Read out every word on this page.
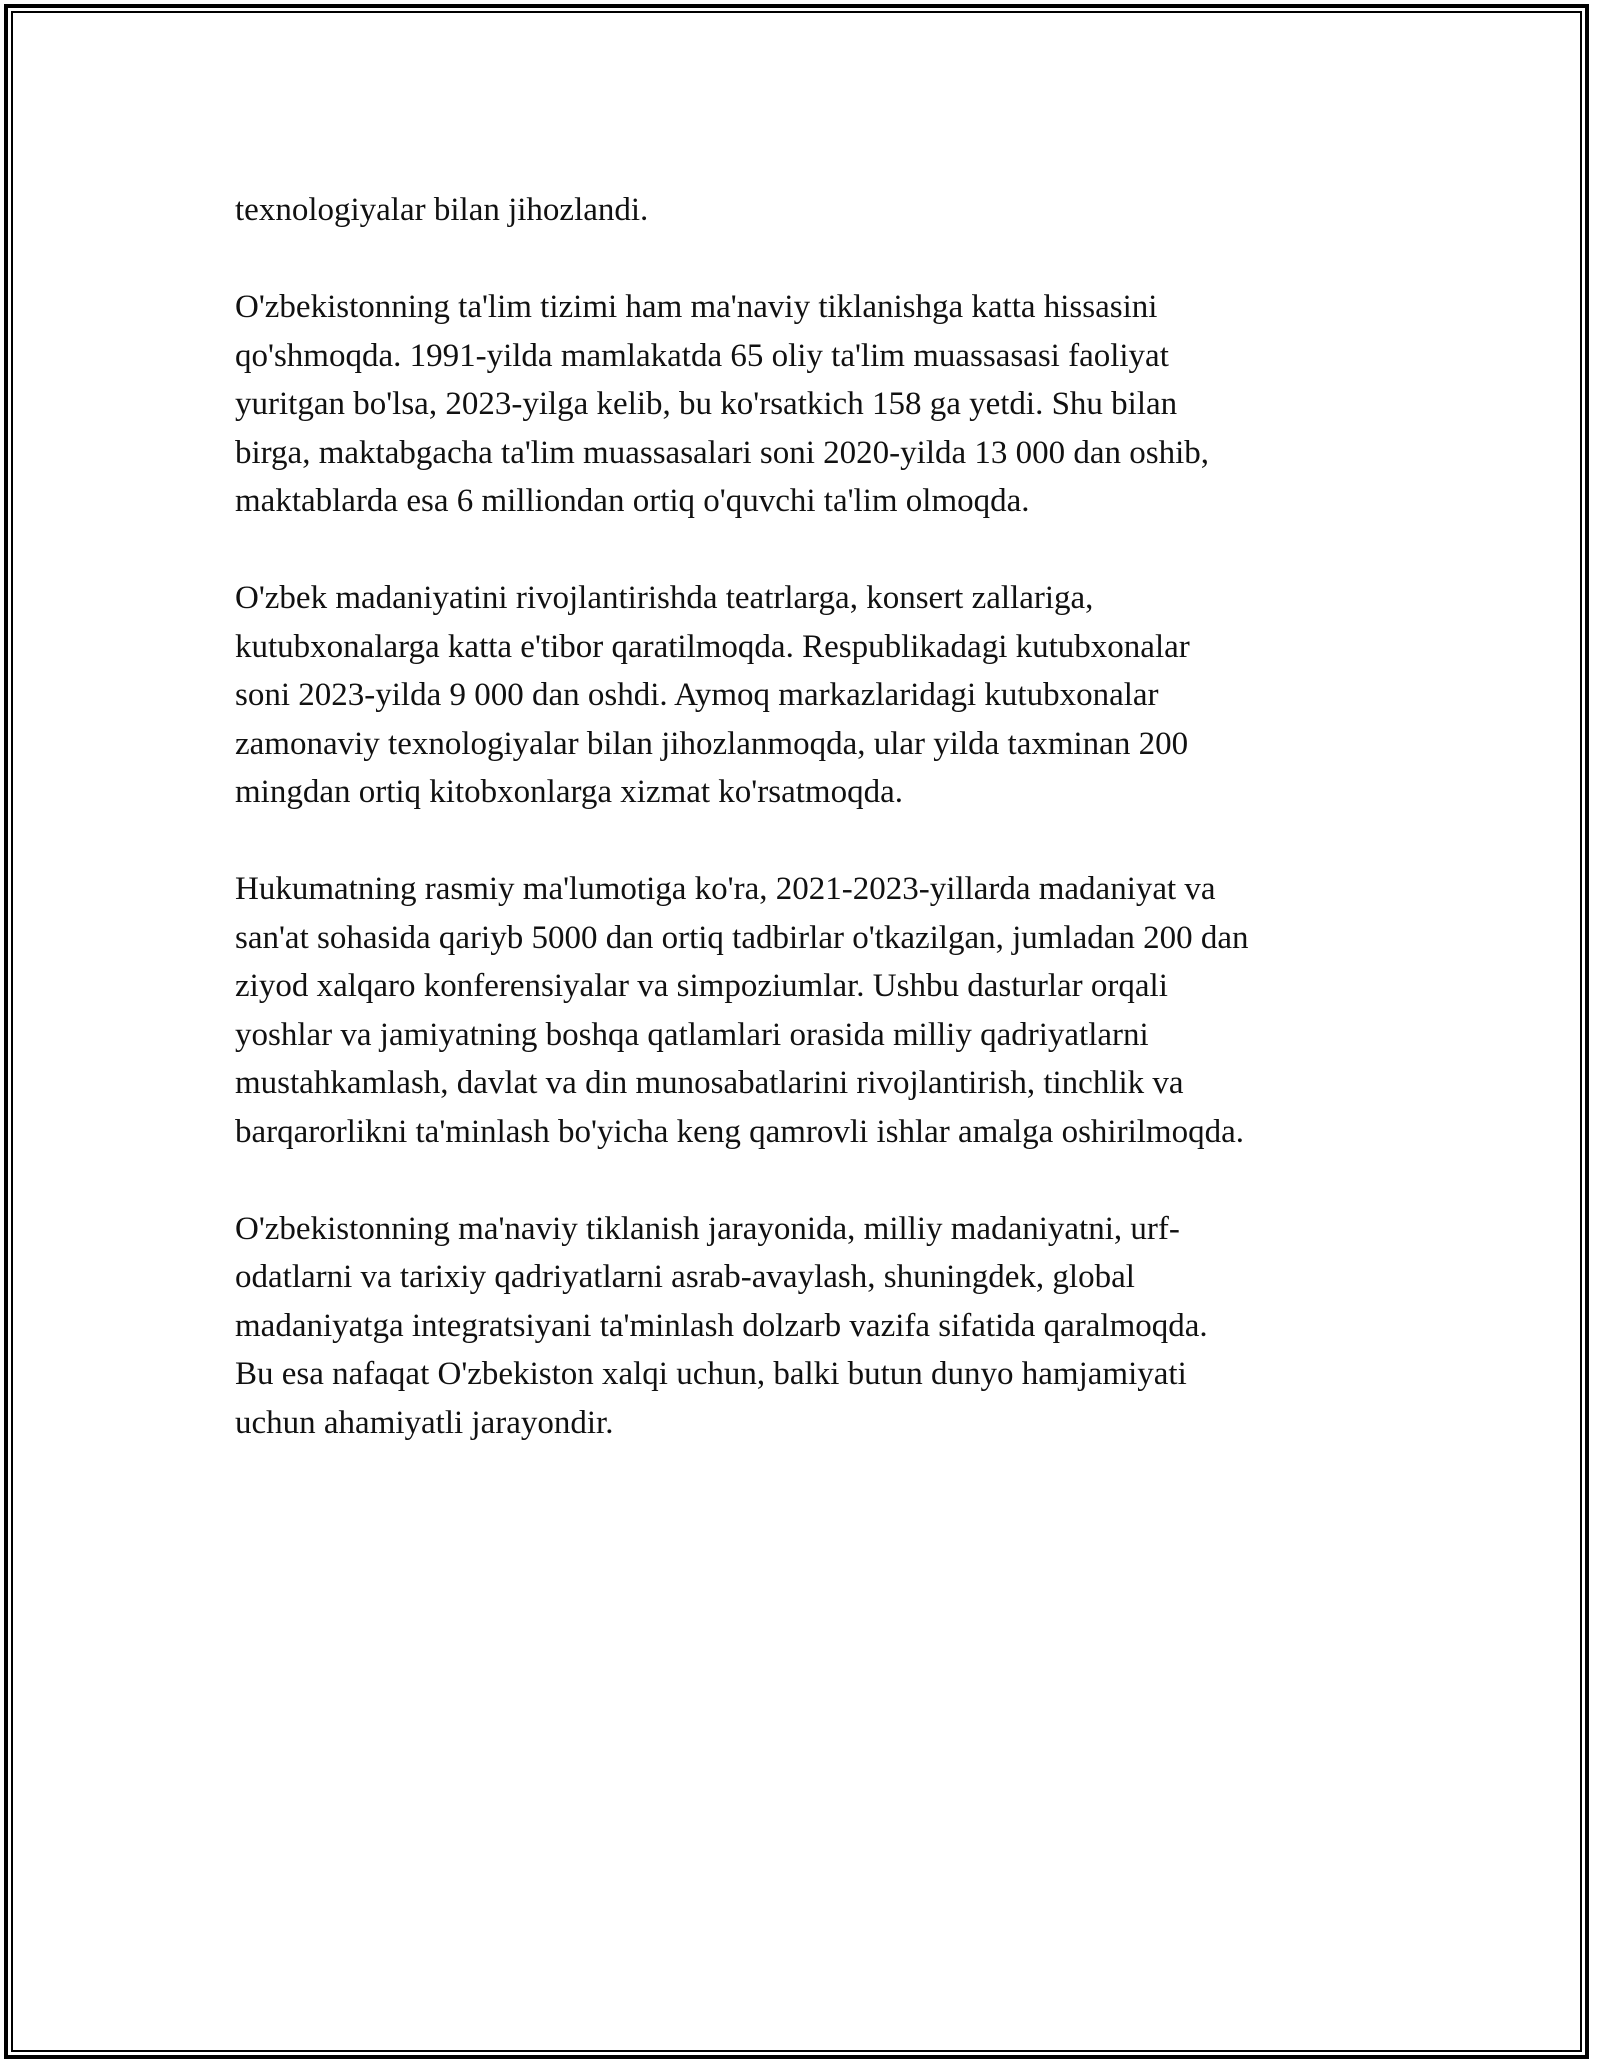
texnologiyalar bilan jihozlandi.

O'zbekistonning ta'lim tizimi ham ma'naviy tiklanishga katta hissasini
qo'shmoqda. 1991-yilda mamlakatda 65 oliy ta'lim muassasasi faoliyat
yuritgan bo'lsa, 2023-yilga kelib, bu ko'rsatkich 158 ga yetdi. Shu bilan
birga, maktabgacha ta'lim muassasalari soni 2020-yilda 13 000 dan oshib,
maktablarda esa 6 milliondan ortiq o'quvchi ta'lim olmoqda.

O'zbek madaniyatini rivojlantirishda teatrlarga, konsert zallariga,
kutubxonalarga katta e'tibor qaratilmoqda. Respublikadagi kutubxonalar
soni 2023-yilda 9 000 dan oshdi. Aymoq markazlaridagi kutubxonalar
zamonaviy texnologiyalar bilan jihozlanmoqda, ular yilda taxminan 200
mingdan ortiq kitobxonlarga xizmat ko'rsatmoqda.

Hukumatning rasmiy ma'lumotiga ko'ra, 2021-2023-yillarda madaniyat va
san'at sohasida qariyb 5000 dan ortiq tadbirlar o'tkazilgan, jumladan 200 dan
ziyod xalqaro konferensiyalar va simpoziumlar. Ushbu dasturlar orqali
yoshlar va jamiyatning boshqa qatlamlari orasida milliy qadriyatlarni
mustahkamlash, davlat va din munosabatlarini rivojlantirish, tinchlik va
barqarorlikni ta'minlash bo'yicha keng qamrovli ishlar amalga oshirilmoqda.

O'zbekistonning ma'naviy tiklanish jarayonida, milliy madaniyatni, urf-
odatlarni va tarixiy qadriyatlarni asrab-avaylash, shuningdek, global
madaniyatga integratsiyani ta'minlash dolzarb vazifa sifatida qaralmoqda.
Bu esa nafaqat O'zbekiston xalqi uchun, balki butun dunyo hamjamiyati
uchun ahamiyatli jarayondir.
